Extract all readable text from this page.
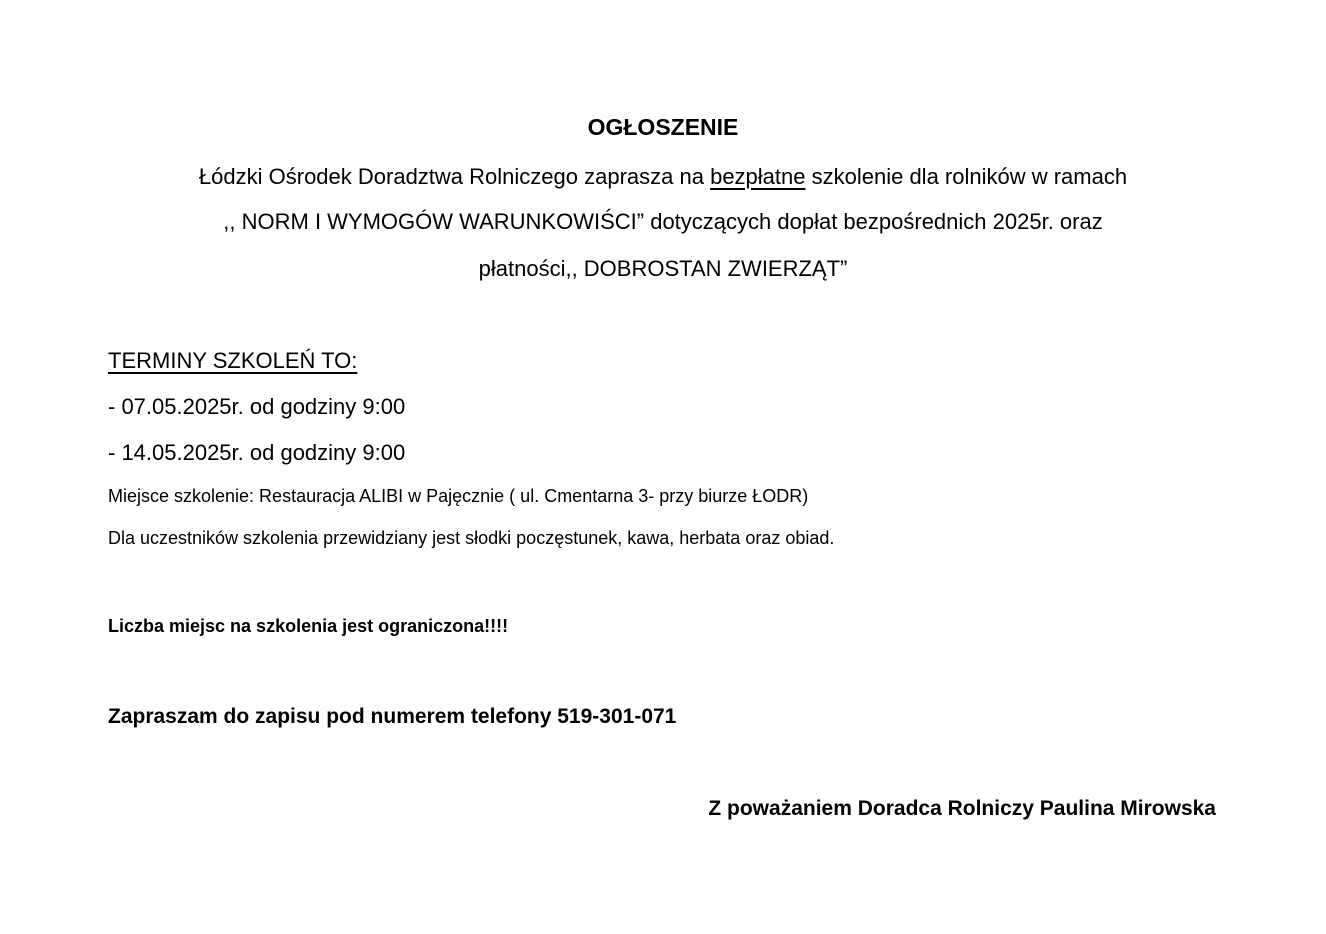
OGŁOSZENIE
Łódzki Ośrodek Doradztwa Rolniczego zaprasza na bezpłatne szkolenie dla rolników w ramach
,, NORM I WYMOGÓW WARUNKOWIŚCI” dotyczących dopłat bezpośrednich 2025r. oraz
płatności,, DOBROSTAN ZWIERZĄT”
TERMINY SZKOLEŃ TO:
- 07.05.2025r. od godziny 9:00
- 14.05.2025r. od godziny 9:00
Miejsce szkolenie: Restauracja ALIBI w Pajęcznie ( ul. Cmentarna 3- przy biurze ŁODR)
Dla uczestników szkolenia przewidziany jest słodki poczęstunek, kawa, herbata oraz obiad.
Liczba miejsc na szkolenia jest ograniczona!!!!
Zapraszam do zapisu pod numerem telefony 519-301-071
Z poważaniem Doradca Rolniczy Paulina Mirowska
